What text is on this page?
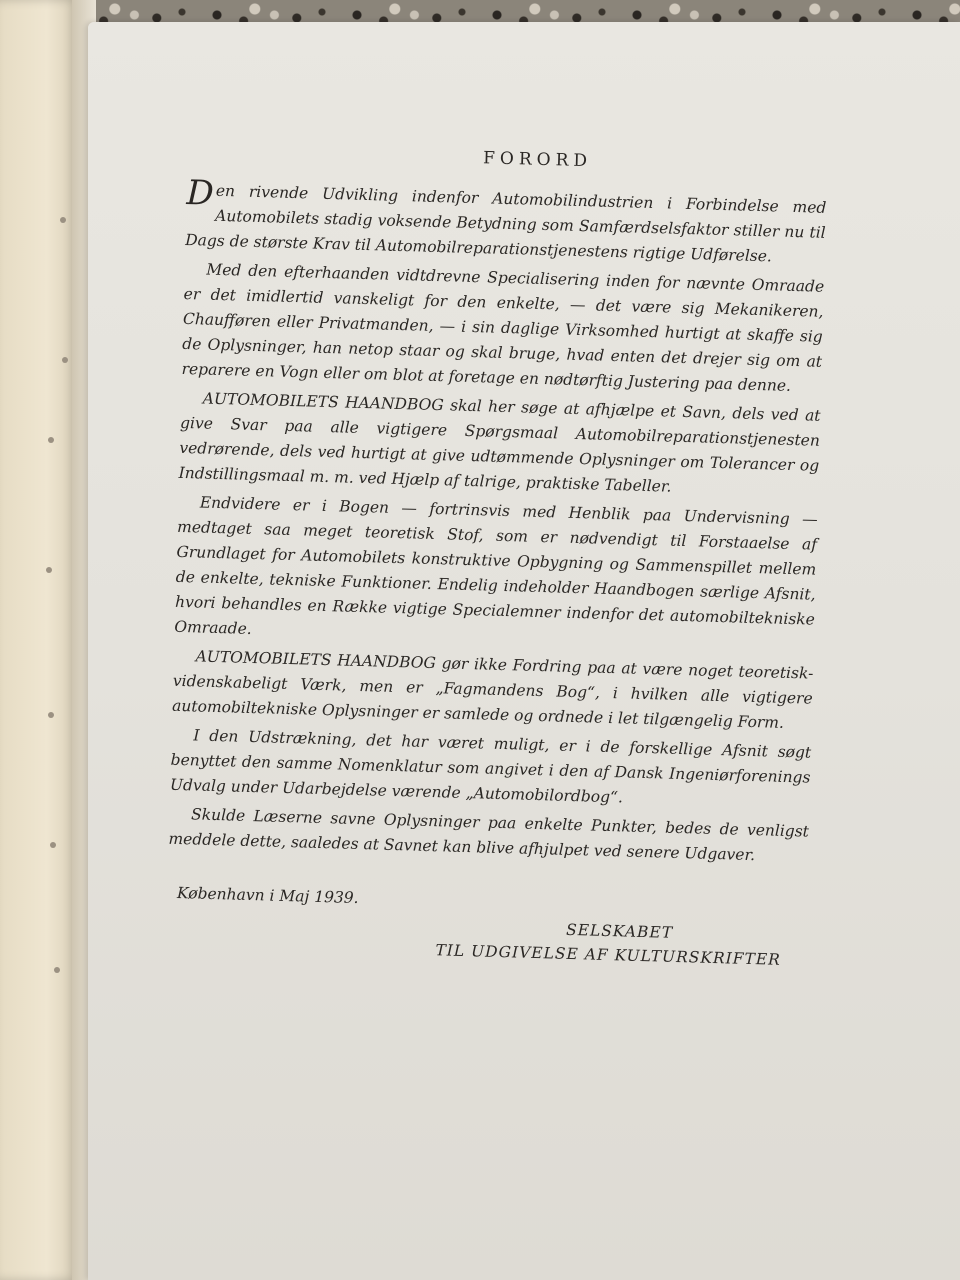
FORORD

Den rivende Udvikling indenfor Automobilindustrien i Forbindelse med Automobilets stadig voksende Betydning som Samfærdselsfaktor stiller nu til Dags de største Krav til Automobilreparationstjenestens rigtige Udførelse.

Med den efterhaanden vidtdrevne Specialisering inden for nævnte Omraade er det imidlertid vanskeligt for den enkelte, — det være sig Mekanikeren, Chaufføren eller Privatmanden, — i sin daglige Virksomhed hurtigt at skaffe sig de Oplysninger, han netop staar og skal bruge, hvad enten det drejer sig om at reparere en Vogn eller om blot at foretage en nødtørftig Justering paa denne.

AUTOMOBILETS HAANDBOG skal her søge at afhjælpe et Savn, dels ved at give Svar paa alle vigtigere Spørgsmaal Automobilreparationstjenesten vedrørende, dels ved hurtigt at give udtømmende Oplysninger om Tolerancer og Indstillingsmaal m. m. ved Hjælp af talrige, praktiske Tabeller.

Endvidere er i Bogen — fortrinsvis med Henblik paa Undervisning — medtaget saa meget teoretisk Stof, som er nødvendigt til Forstaaelse af Grundlaget for Automobilets konstruktive Opbygning og Sammenspillet mellem de enkelte, tekniske Funktioner. Endelig indeholder Haandbogen særlige Afsnit, hvori behandles en Række vigtige Specialemner indenfor det automobiltekniske Omraade.

AUTOMOBILETS HAANDBOG gør ikke Fordring paa at være noget teoretisk-videnskabeligt Værk, men er „Fagmandens Bog“, i hvilken alle vigtigere automobiltekniske Oplysninger er samlede og ordnede i let tilgængelig Form.

I den Udstrækning, det har været muligt, er i de forskellige Afsnit søgt benyttet den samme Nomenklatur som angivet i den af Dansk Ingeniørforenings Udvalg under Udarbejdelse værende „Automobilordbog“.

Skulde Læserne savne Oplysninger paa enkelte Punkter, bedes de venligst meddele dette, saaledes at Savnet kan blive afhjulpet ved senere Udgaver.

København i Maj 1939.
SELSKABET
TIL UDGIVELSE AF KULTURSKRIFTER
